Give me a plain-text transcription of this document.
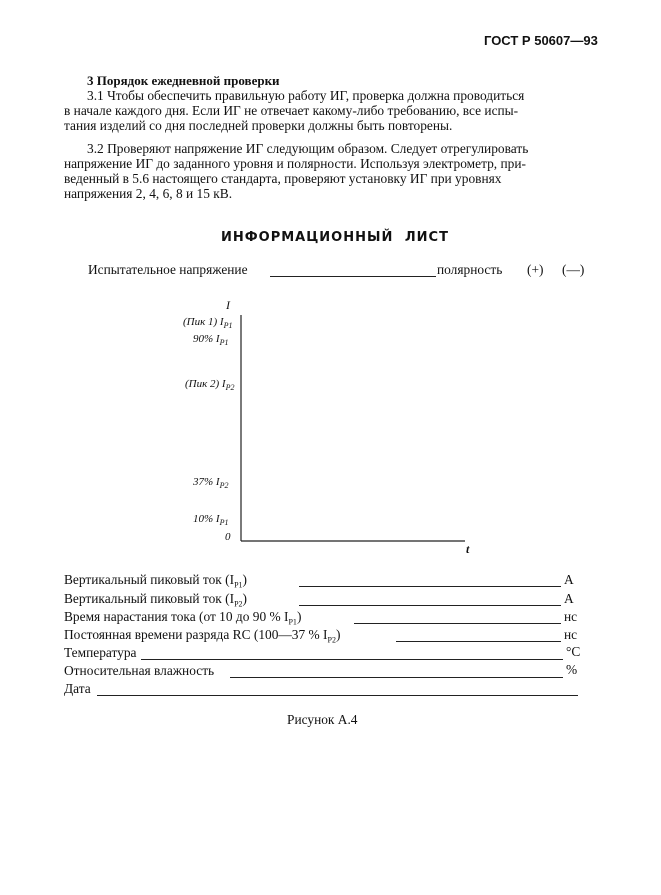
ГОСТ Р 50607—93
3 Порядок ежедневной проверки
3.1 Чтобы обеспечить правильную работу ИГ, проверка должна проводиться
в начале каждого дня. Если ИГ не отвечает какому-либо требованию, все испы-
тания изделий со дня последней проверки должны быть повторены.
3.2 Проверяют напряжение ИГ следующим образом. Следует отрегулировать
напряжение ИГ до заданного уровня и полярности. Используя электрометр, при-
веденный в 5.6 настоящего стандарта, проверяют установку ИГ при уровнях
напряжения 2, 4, 6, 8 и 15 кВ.
ИНФОРМАЦИОННЫЙ ЛИСТ
Испытательное напряжение	полярность (+) (—)
I
t
0
(Пик 1) $I_{P1}$
90% $I_{P1}$
(Пик 2) $I_{P2}$
37% $I_{P2}$
10% $I_{P1}$
Вертикальный пиковый ток $(I_{P1})$	А
Вертикальный пиковый ток $(I_{P2})$	А
Время нарастания тока (от 10 до 90 % $I_{P1}$)	нс
Постоянная времени разряда RC (100—37 % $I_{P2}$)	нс
Температура	°С
Относительная влажность	%
Дата
Рисунок А.4
